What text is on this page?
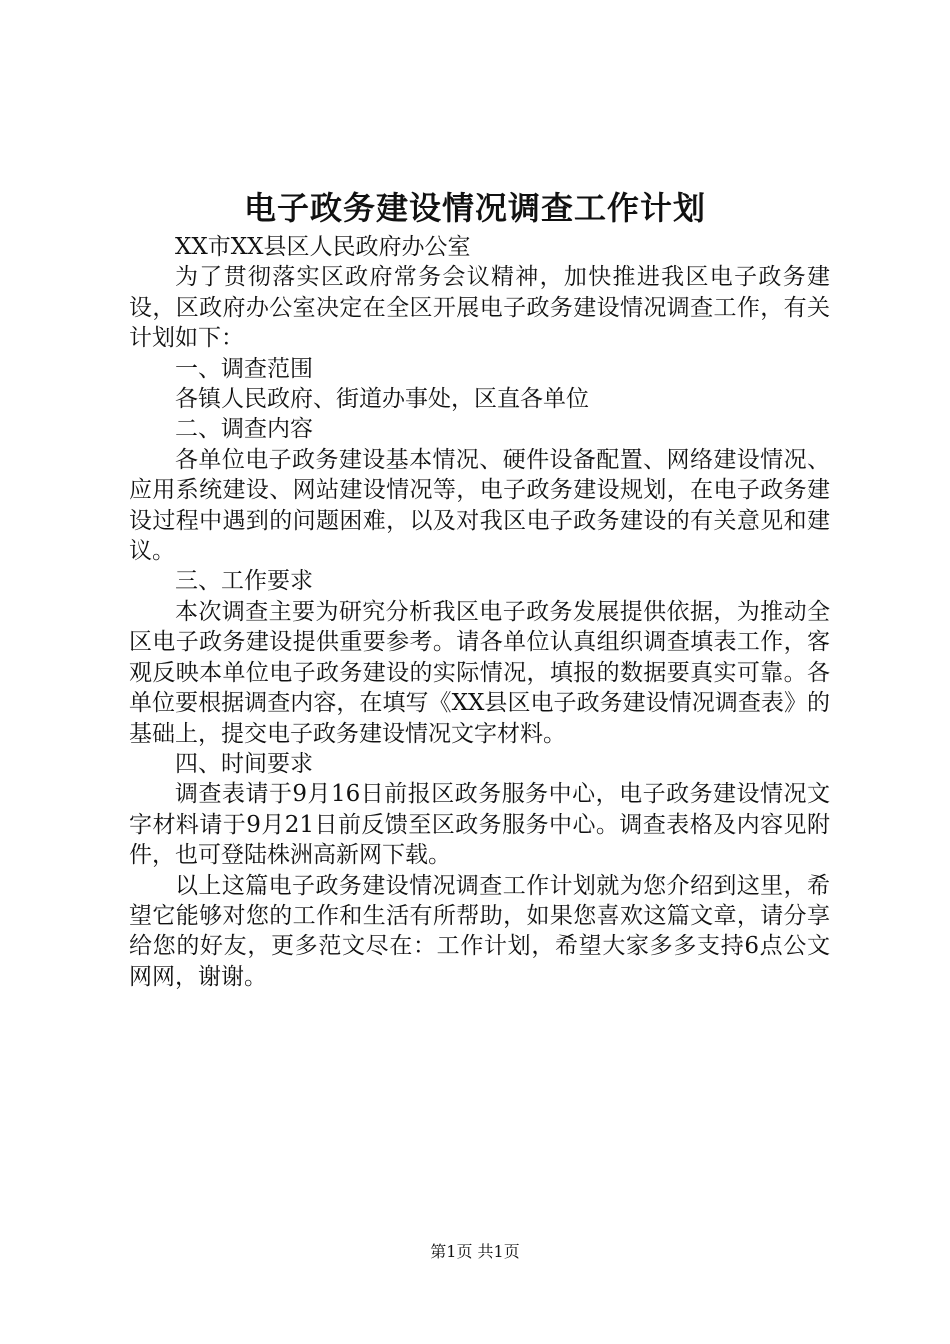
电子政务建设情况调查工作计划

XX市XX县区人民政府办公室

为了贯彻落实区政府常务会议精神，加快推进我区电子政务建设，区政府办公室决定在全区开展电子政务建设情况调查工作，有关计划如下：

一、调查范围

各镇人民政府、街道办事处，区直各单位

二、调查内容

各单位电子政务建设基本情况、硬件设备配置、网络建设情况、应用系统建设、网站建设情况等，电子政务建设规划，在电子政务建设过程中遇到的问题困难，以及对我区电子政务建设的有关意见和建议。

三、工作要求

本次调查主要为研究分析我区电子政务发展提供依据，为推动全区电子政务建设提供重要参考。请各单位认真组织调查填表工作，客观反映本单位电子政务建设的实际情况，填报的数据要真实可靠。各单位要根据调查内容，在填写《XX县区电子政务建设情况调查表》的基础上，提交电子政务建设情况文字材料。

四、时间要求

调查表请于9月16日前报区政务服务中心，电子政务建设情况文字材料请于9月21日前反馈至区政务服务中心。调查表格及内容见附件，也可登陆株洲高新网下载。

以上这篇电子政务建设情况调查工作计划就为您介绍到这里，希望它能够对您的工作和生活有所帮助，如果您喜欢这篇文章，请分享给您的好友，更多范文尽在：工作计划，希望大家多多支持6点公文网网，谢谢。

第1页 共1页
